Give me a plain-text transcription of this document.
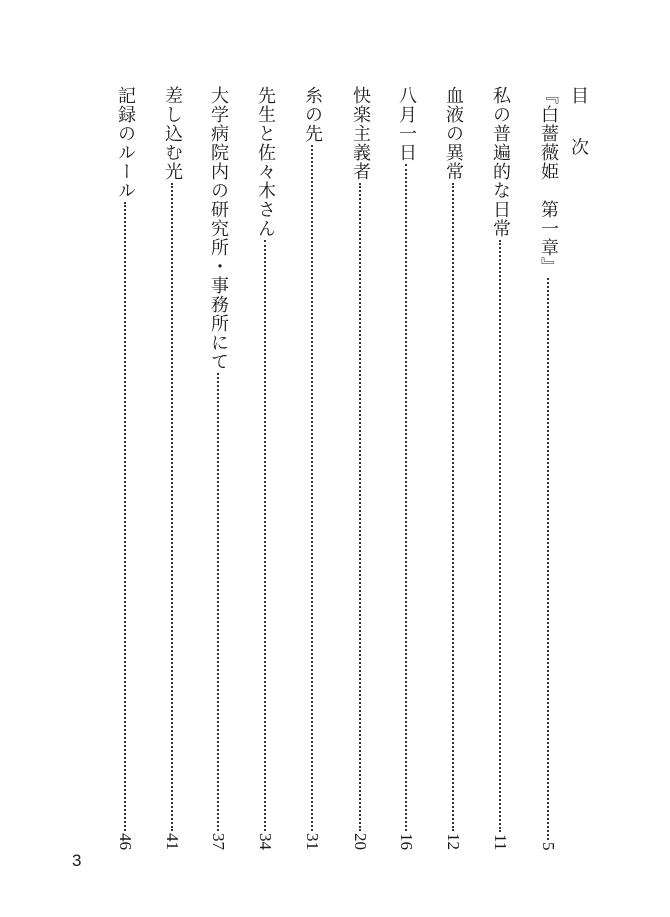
目 次
『白薔薇姫　第一章』
5
私の普遍的な日常
11
血液の異常
12
八月一日
16
快楽主義者
20
糸の先
31
先生と佐々木さん
34
大学病院内の研究所・事務所にて
37
差し込む光
41
記録のルール
46
3
